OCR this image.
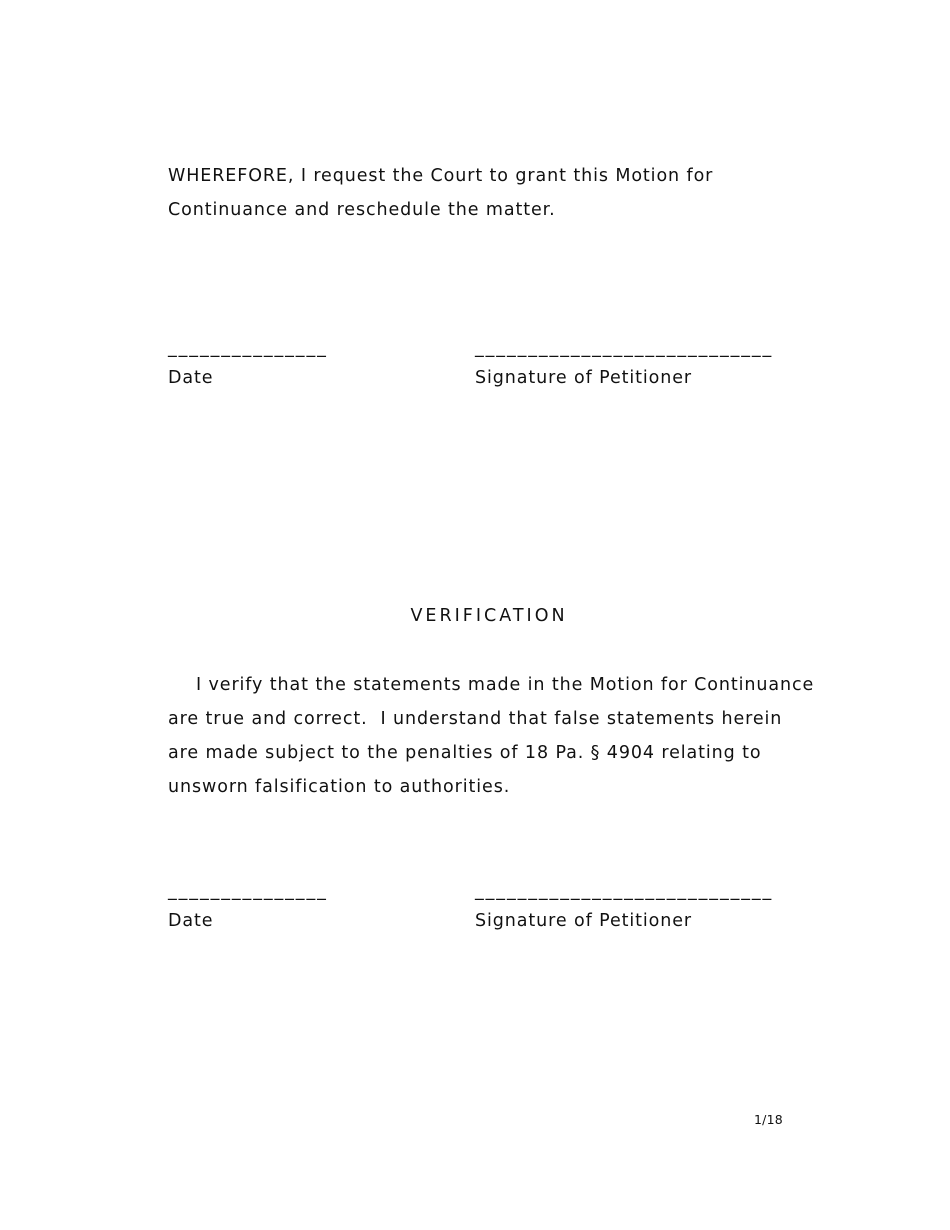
WHEREFORE, I request the Court to grant this Motion for Continuance and reschedule the matter.

_______________	____________________________
Date	Signature of Petitioner
VERIFICATION

I verify that the statements made in the Motion for Continuance are true and correct.  I understand that false statements herein are made subject to the penalties of 18 Pa. § 4904 relating to unsworn falsification to authorities.

_______________	____________________________
Date	Signature of Petitioner
1/18
